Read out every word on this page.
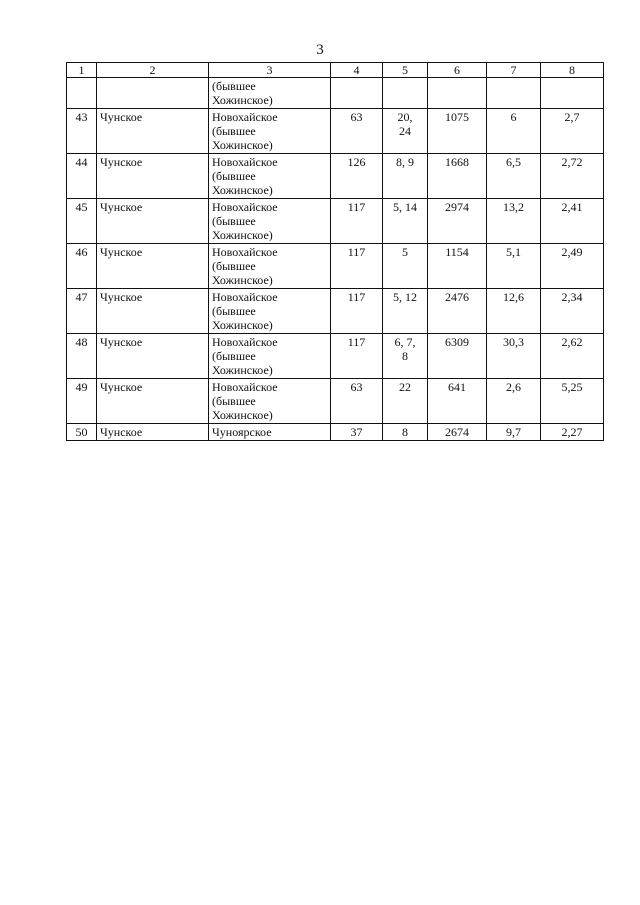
3
1	2	3	4	5	6	7	8
		(бывшее
Хожинское)					
43	Чунское	Новохайское
(бывшее
Хожинское)	63	20,
24	1075	6	2,7
44	Чунское	Новохайское
(бывшее
Хожинское)	126	8, 9	1668	6,5	2,72
45	Чунское	Новохайское
(бывшее
Хожинское)	117	5, 14	2974	13,2	2,41
46	Чунское	Новохайское
(бывшее
Хожинское)	117	5	1154	5,1	2,49
47	Чунское	Новохайское
(бывшее
Хожинское)	117	5, 12	2476	12,6	2,34
48	Чунское	Новохайское
(бывшее
Хожинское)	117	6, 7,
8	6309	30,3	2,62
49	Чунское	Новохайское
(бывшее
Хожинское)	63	22	641	2,6	5,25
50	Чунское	Чуноярское	37	8	2674	9,7	2,27
